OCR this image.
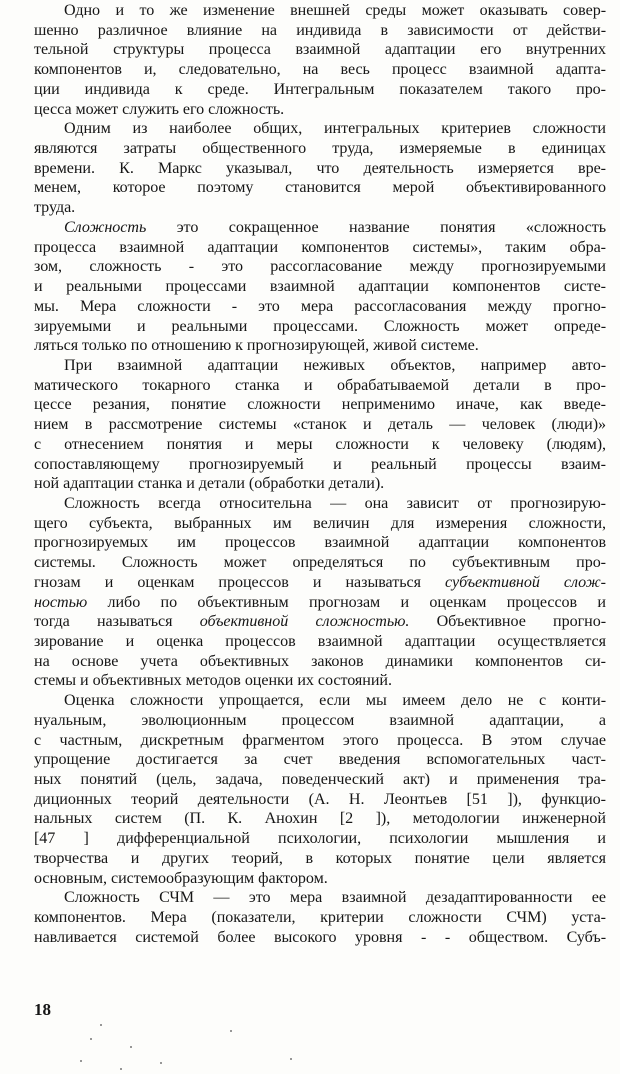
Одно и то же изменение внешней среды может оказывать совер-
шенно различное влияние на индивида в зависимости от действи-
тельной структуры процесса взаимной адаптации его внутренних
компонентов и, следовательно, на весь процесс взаимной адапта-
ции индивида к среде. Интегральным показателем такого про-
цесса может служить его сложность.
Одним из наиболее общих, интегральных критериев сложности
являются затраты общественного труда, измеряемые в единицах
времени. К. Маркс указывал, что деятельность измеряется вре-
менем, которое поэтому становится мерой объективированного
труда.
Сложность это сокращенное название понятия «сложность
процесса взаимной адаптации компонентов системы», таким обра-
зом, сложность - это рассогласование между прогнозируемыми
и реальными процессами взаимной адаптации компонентов систе-
мы. Мера сложности - это мера рассогласования между прогно-
зируемыми и реальными процессами. Сложность может опреде-
ляться только по отношению к прогнозирующей, живой системе.
При взаимной адаптации неживых объектов, например авто-
матического токарного станка и обрабатываемой детали в про-
цессе резания, понятие сложности неприменимо иначе, как введе-
нием в рассмотрение системы «станок и деталь — человек (люди)»
с отнесением понятия и меры сложности к человеку (людям),
сопоставляющему прогнозируемый и реальный процессы взаим-
ной адаптации станка и детали (обработки детали).
Сложность всегда относительна — она зависит от прогнозирую-
щего субъекта, выбранных им величин для измерения сложности,
прогнозируемых им процессов взаимной адаптации компонентов
системы. Сложность может определяться по субъективным про-
гнозам и оценкам процессов и называться субъективной слож-
ностью либо по объективным прогнозам и оценкам процессов и
тогда называться объективной сложностью. Объективное прогно-
зирование и оценка процессов взаимной адаптации осуществляется
на основе учета объективных законов динамики компонентов си-
стемы и объективных методов оценки их состояний.
Оценка сложности упрощается, если мы имеем дело не с конти-
нуальным, эволюционным процессом взаимной адаптации, а
с частным, дискретным фрагментом этого процесса. В этом случае
упрощение достигается за счет введения вспомогательных част-
ных понятий (цель, задача, поведенческий акт) и применения тра-
диционных теорий деятельности (А. Н. Леонтьев [51 ]), функцио-
нальных систем (П. К. Анохин [2 ]), методологии инженерной
[47 ] дифференциальной психологии, психологии мышления и
творчества и других теорий, в которых понятие цели является
основным, системообразующим фактором.
Сложность СЧМ — это мера взаимной дезадаптированности ее
компонентов. Мера (показатели, критерии сложности СЧМ) уста-
навливается системой более высокого уровня - - обществом. Субъ-
18
